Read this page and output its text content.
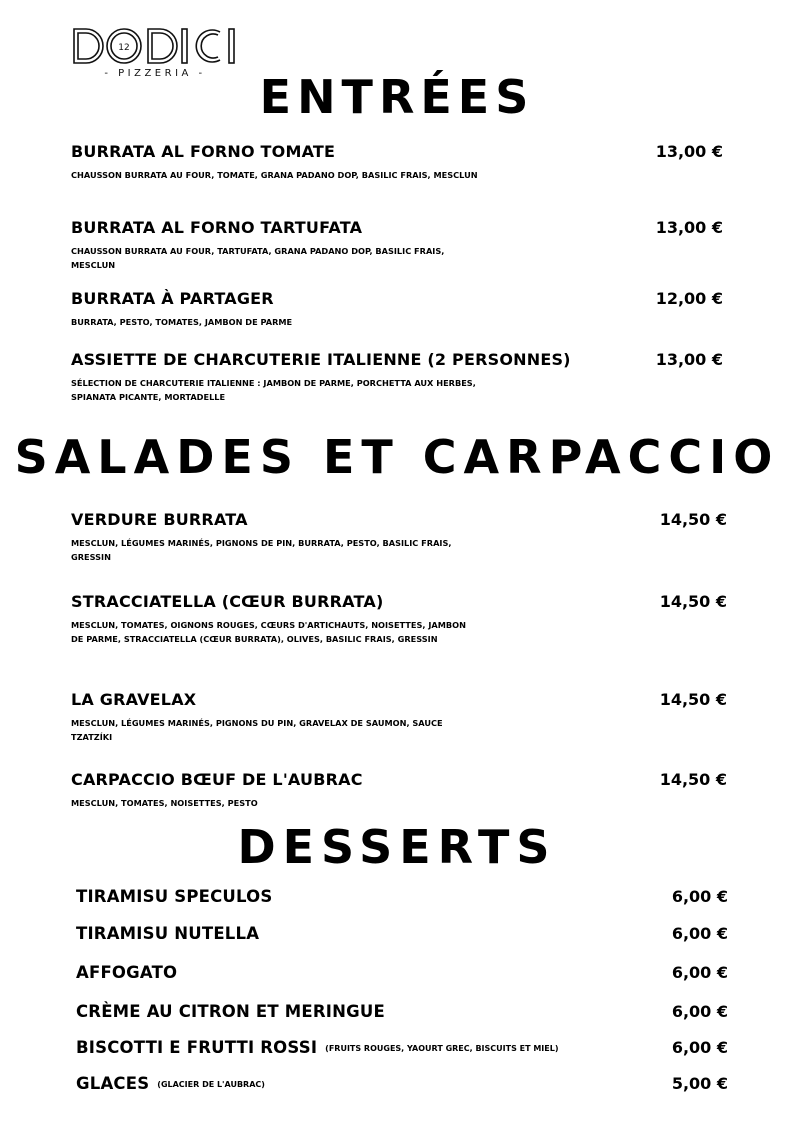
12
- PIZZERIA -	ENTRÉES
BURRATA AL FORNO TOMATE
CHAUSSON BURRATA AU FOUR, TOMATE, GRANA PADANO DOP, BASILIC FRAIS, MESCLUN
13,00 €
BURRATA AL FORNO TARTUFATA
CHAUSSON BURRATA AU FOUR, TARTUFATA, GRANA PADANO DOP, BASILIC FRAIS, MESCLUN
13,00 €
BURRATA À PARTAGER
BURRATA, PESTO, TOMATES, JAMBON DE PARME
12,00 €
ASSIETTE DE CHARCUTERIE ITALIENNE (2 PERSONNES)
SÉLECTION DE CHARCUTERIE ITALIENNE : JAMBON DE PARME, PORCHETTA AUX HERBES, SPIANATA PICANTE, MORTADELLE
13,00 €
SALADES ET CARPACCIO
VERDURE BURRATA
MESCLUN, LÉGUMES MARINÉS, PIGNONS DE PIN, BURRATA, PESTO, BASILIC FRAIS, GRESSIN
14,50 €
STRACCIATELLA (CŒUR BURRATA)
MESCLUN, TOMATES, OIGNONS ROUGES, CŒURS D'ARTICHAUTS, NOISETTES, JAMBON DE PARME, STRACCIATELLA (CŒUR BURRATA), OLIVES, BASILIC FRAIS, GRESSIN
14,50 €
LA GRAVELAX
MESCLUN, LÉGUMES MARINÉS, PIGNONS DU PIN, GRAVELAX DE SAUMON, SAUCE TZATZÍKI
14,50 €
CARPACCIO BŒUF DE L'AUBRAC
MESCLUN, TOMATES, NOISETTES, PESTO
14,50 €
DESSERTS
TIRAMISU SPECULOS	6,00 €
TIRAMISU NUTELLA	6,00 €
AFFOGATO	6,00 €
CRÈME AU CITRON ET MERINGUE	6,00 €
BISCOTTI E FRUTTI ROSSI (FRUITS ROUGES, YAOURT GREC, BISCUITS ET MIEL)	6,00 €
GLACES (GLACIER DE L'AUBRAC)	5,00 €
